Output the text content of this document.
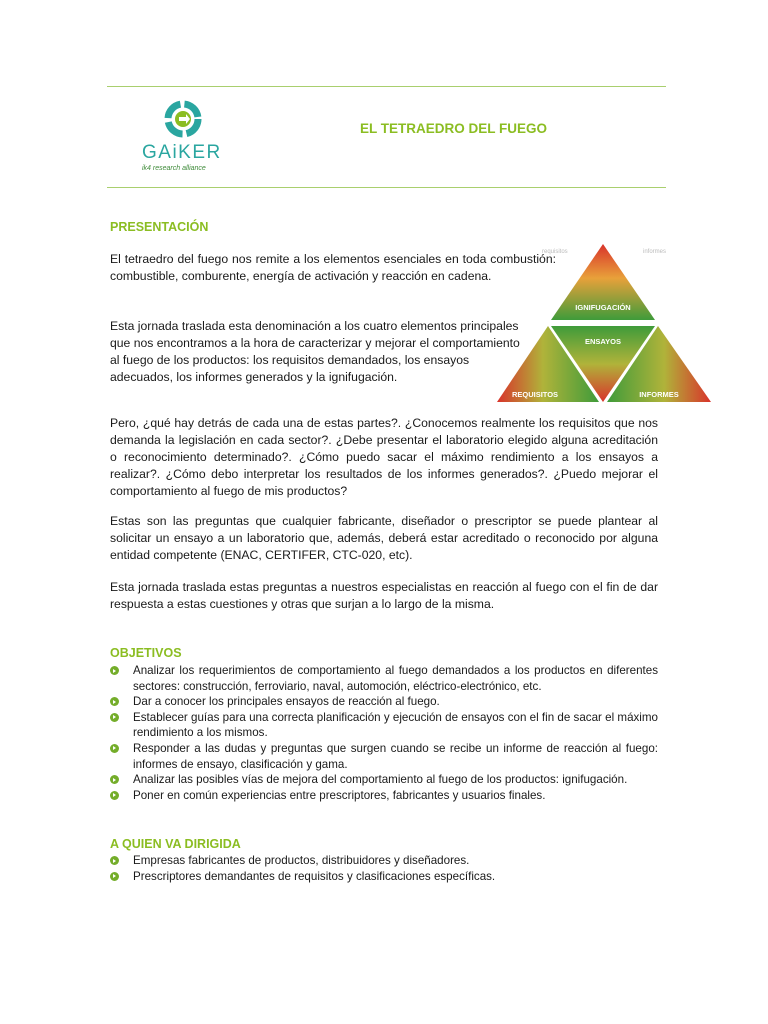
GAiKER
ik4 research alliance
EL TETRAEDRO DEL FUEGO
PRESENTACIÓN

El tetraedro del fuego nos remite a los elementos esenciales en toda combustión: combustible, comburente, energía de activación y reacción en cadena.

Esta jornada traslada esta denominación a los cuatro elementos principales que nos encontramos a la hora de caracterizar y mejorar el comportamiento al fuego de los productos: los requisitos demandados, los ensayos adecuados, los informes generados y la ignifugación.

Pero, ¿qué hay detrás de cada una de estas partes?. ¿Conocemos realmente los requisitos que nos demanda la legislación en cada sector?. ¿Debe presentar el laboratorio elegido alguna acreditación o reconocimiento determinado?. ¿Cómo puedo sacar el máximo rendimiento a los ensayos a realizar?. ¿Cómo debo interpretar los resultados de los informes generados?. ¿Puedo mejorar el comportamiento al fuego de mis productos?

Estas son las preguntas que cualquier fabricante, diseñador o prescriptor se puede plantear al solicitar un ensayo a un laboratorio que, además, deberá estar acreditado o reconocido por alguna entidad competente (ENAC, CERTIFER, CTC-020, etc).

Esta jornada traslada estas preguntas a nuestros especialistas en reacción al fuego con el fin de dar respuesta a estas cuestiones y otras que surjan a lo largo de la misma.

requisitos	informes
IGNIFUGACIÓN
ENSAYOS
REQUISITOS	INFORMES
OBJETIVOS
Analizar los requerimientos de comportamiento al fuego demandados a los productos en diferentes sectores: construcción, ferroviario, naval, automoción, eléctrico-electrónico, etc.
Dar a conocer los principales ensayos de reacción al fuego.
Establecer guías para una correcta planificación y ejecución de ensayos con el fin de sacar el máximo rendimiento a los mismos.
Responder a las dudas y preguntas que surgen cuando se recibe un informe de reacción al fuego: informes de ensayo, clasificación y gama.
Analizar las posibles vías de mejora del comportamiento al fuego de los productos: ignifugación.
Poner en común experiencias entre prescriptores, fabricantes y usuarios finales.
A QUIEN VA DIRIGIDA
Empresas fabricantes de productos, distribuidores y diseñadores.
Prescriptores demandantes de requisitos y clasificaciones específicas.
